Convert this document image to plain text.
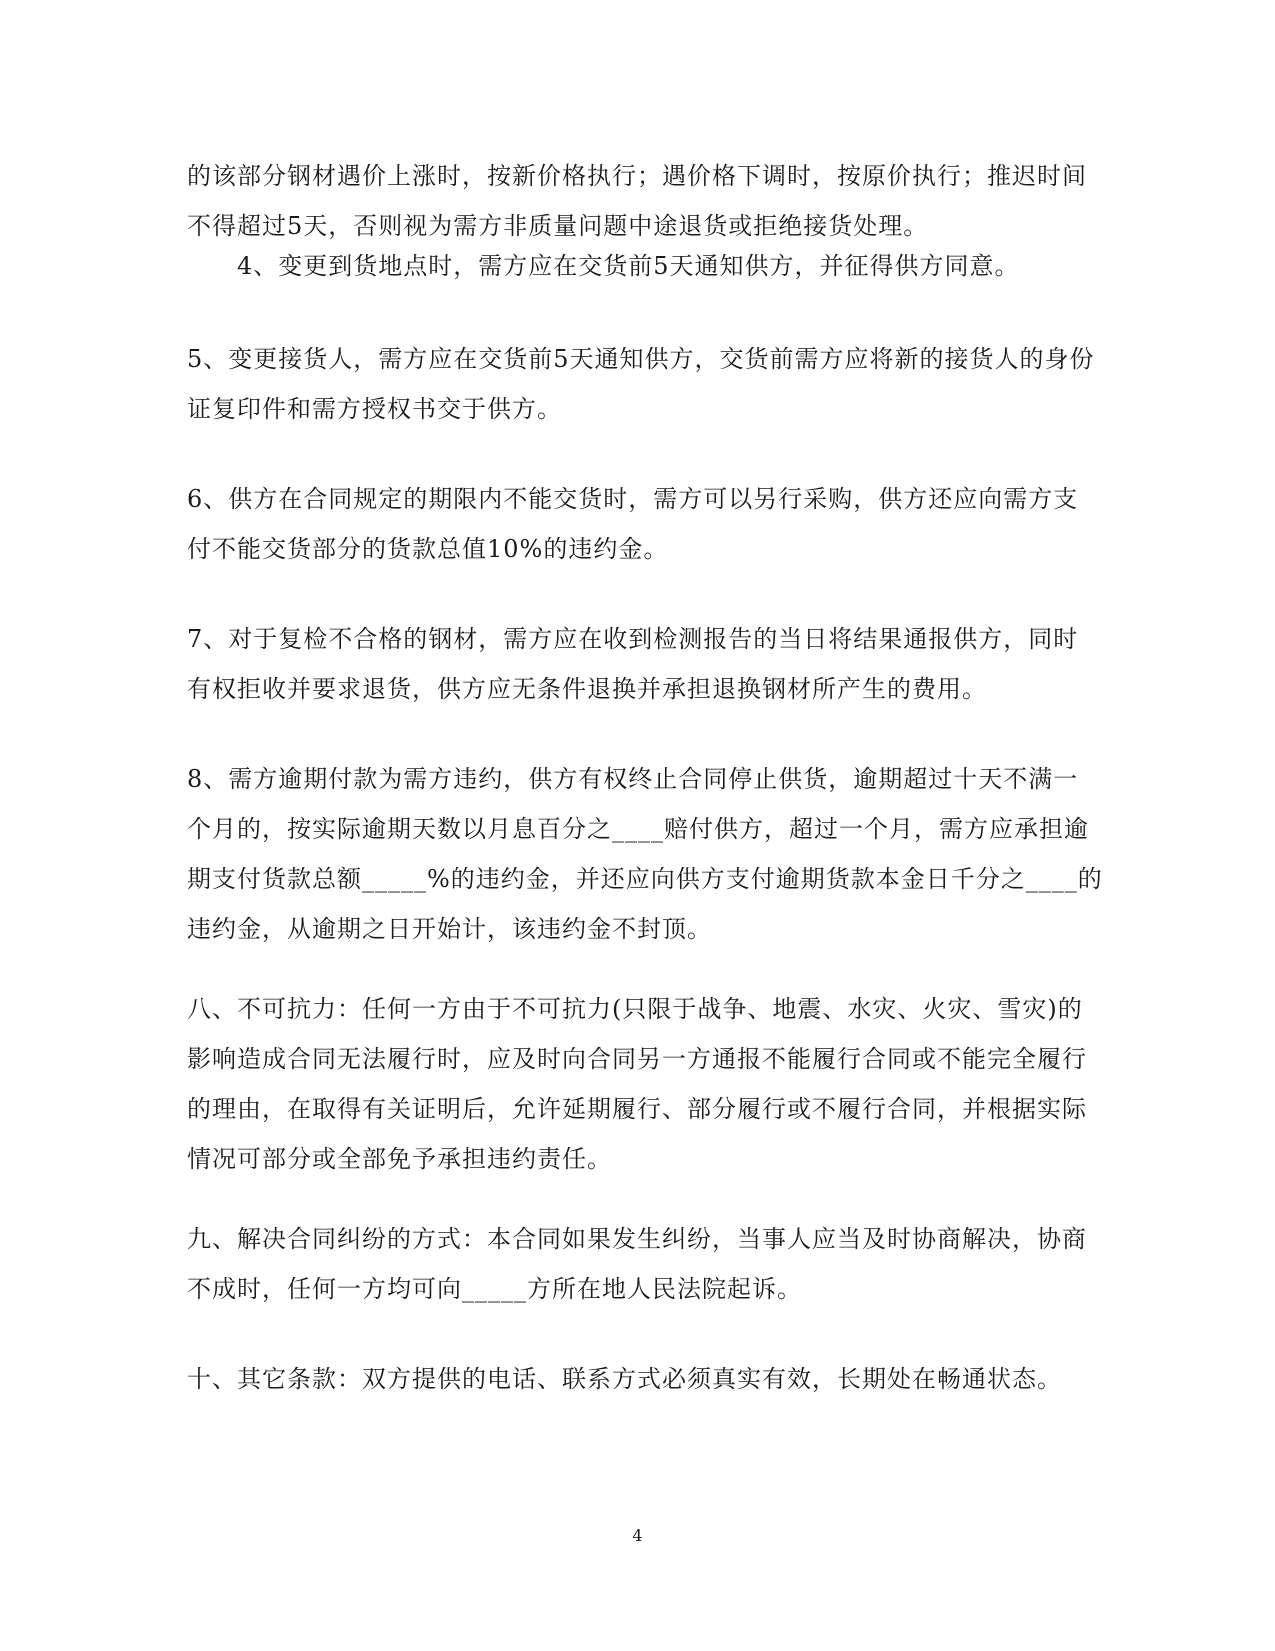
的该部分钢材遇价上涨时，按新价格执行；遇价格下调时，按原价执行；推迟时间
不得超过5天，否则视为需方非质量问题中途退货或拒绝接货处理。
　　4、变更到货地点时，需方应在交货前5天通知供方，并征得供方同意。
5、变更接货人，需方应在交货前5天通知供方，交货前需方应将新的接货人的身份
证复印件和需方授权书交于供方。
6、供方在合同规定的期限内不能交货时，需方可以另行采购，供方还应向需方支
付不能交货部分的货款总值10%的违约金。
7、对于复检不合格的钢材，需方应在收到检测报告的当日将结果通报供方，同时
有权拒收并要求退货，供方应无条件退换并承担退换钢材所产生的费用。
8、需方逾期付款为需方违约，供方有权终止合同停止供货，逾期超过十天不满一
个月的，按实际逾期天数以月息百分之____赔付供方，超过一个月，需方应承担逾
期支付货款总额_____%的违约金，并还应向供方支付逾期货款本金日千分之____的
违约金，从逾期之日开始计，该违约金不封顶。
八、不可抗力：任何一方由于不可抗力(只限于战争、地震、水灾、火灾、雪灾)的
影响造成合同无法履行时，应及时向合同另一方通报不能履行合同或不能完全履行
的理由，在取得有关证明后，允许延期履行、部分履行或不履行合同，并根据实际
情况可部分或全部免予承担违约责任。
九、解决合同纠纷的方式：本合同如果发生纠纷，当事人应当及时协商解决，协商
不成时，任何一方均可向_____方所在地人民法院起诉。
十、其它条款：双方提供的电话、联系方式必须真实有效，长期处在畅通状态。
4
